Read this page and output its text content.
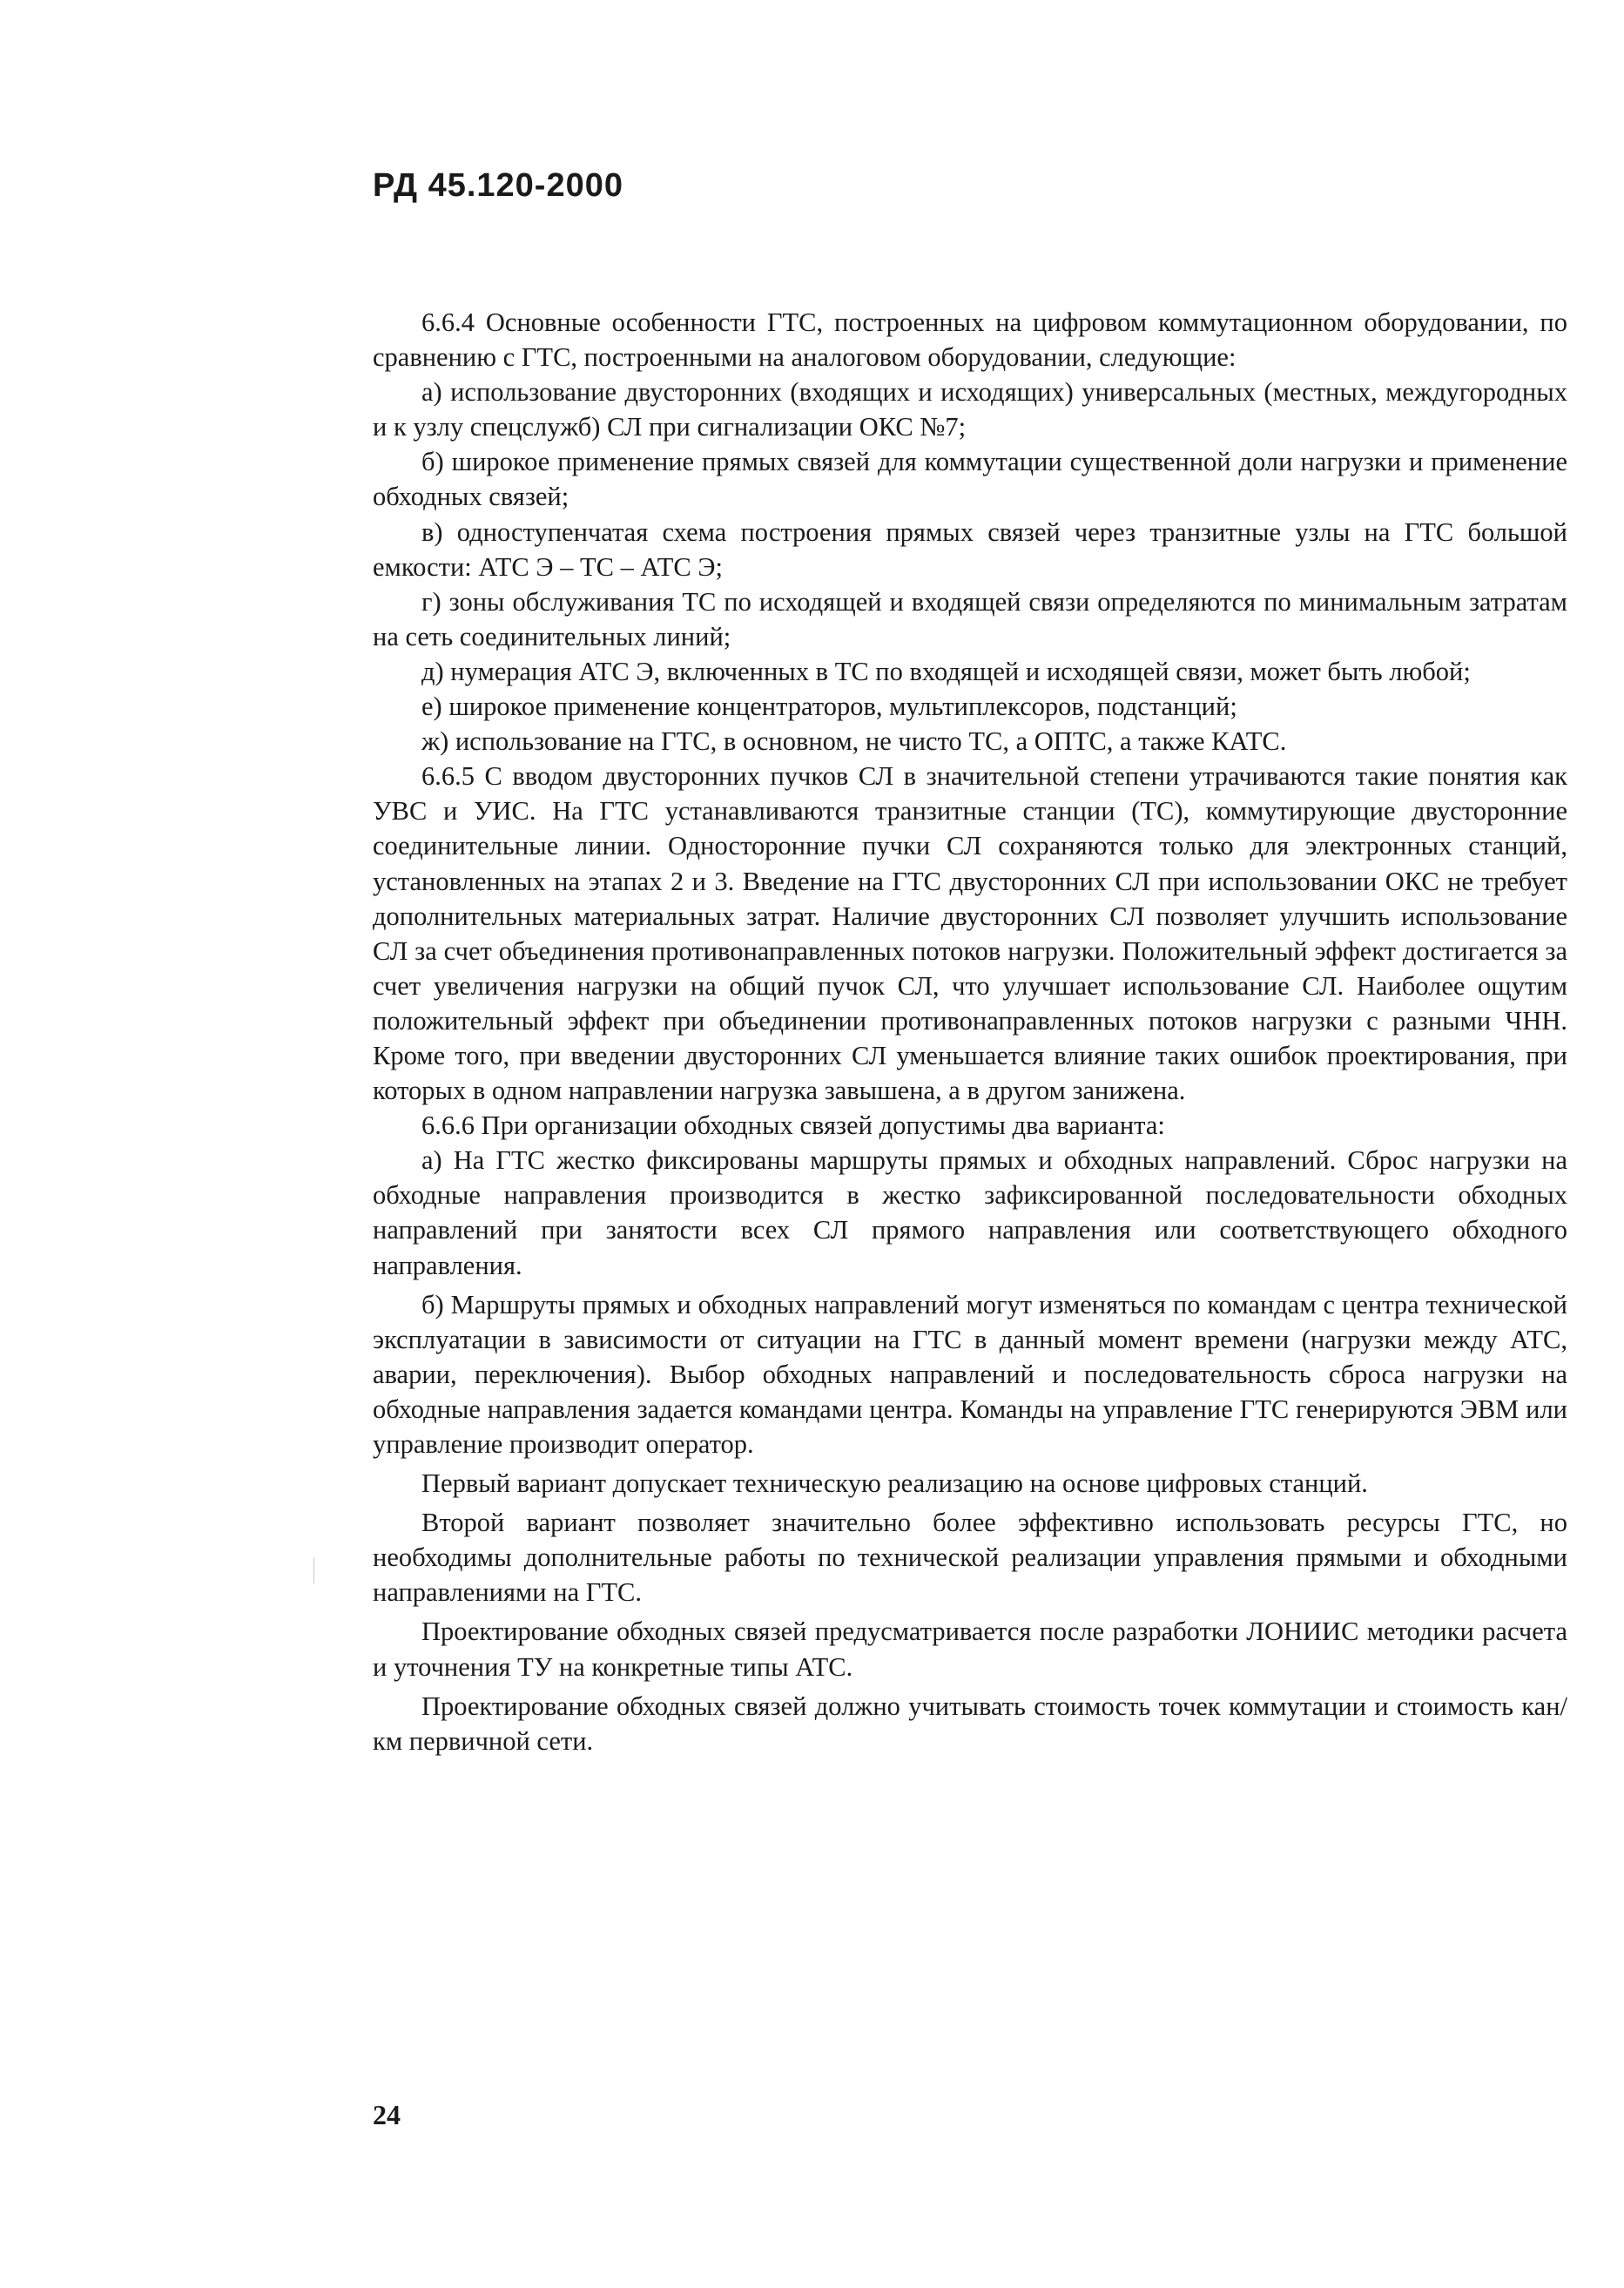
РД 45.120-2000

6.6.4 Основные особенности ГТС, построенных на цифровом коммутационном оборудовании, по сравнению с ГТС, построенными на аналоговом оборудовании, следующие:

а) использование двусторонних (входящих и исходящих) универсальных (местных, междугородных и к узлу спецслужб) СЛ при сигнализации ОКС №7;

б) широкое применение прямых связей для коммутации существенной доли нагрузки и применение обходных связей;

в) одноступенчатая схема построения прямых связей через транзитные узлы на ГТС большой емкости: АТС Э – ТС – АТС Э;

г) зоны обслуживания ТС по исходящей и входящей связи определяются по минимальным затратам на сеть соединительных линий;

д) нумерация АТС Э, включенных в ТС по входящей и исходящей связи, может быть любой;

е) широкое применение концентраторов, мультиплексоров, подстанций;

ж) использование на ГТС, в основном, не чисто ТС, а ОПТС, а также КАТС.

6.6.5 С вводом двусторонних пучков СЛ в значительной степени утрачиваются такие понятия как УВС и УИС. На ГТС устанавливаются транзитные станции (ТС), коммутирующие двусторонние соединительные линии. Односторонние пучки СЛ сохраняются только для электронных станций, установленных на этапах 2 и 3. Введение на ГТС двусторонних СЛ при использовании ОКС не требует дополнительных материальных затрат. Наличие двусторонних СЛ позволяет улучшить использование СЛ за счет объединения противонаправленных потоков нагрузки. Положительный эффект достигается за счет увеличения нагрузки на общий пучок СЛ, что улучшает использование СЛ. Наиболее ощутим положительный эффект при объединении противонаправленных потоков нагрузки с разными ЧНН. Кроме того, при введении двусторонних СЛ уменьшается влияние таких ошибок проектирования, при которых в одном направлении нагрузка завышена, а в другом занижена.

6.6.6 При организации обходных связей допустимы два варианта:

а) На ГТС жестко фиксированы маршруты прямых и обходных направлений. Сброс нагрузки на обходные направления производится в жестко зафиксированной последовательности обходных направлений при занятости всех СЛ прямого направления или соответствующего обходного направления.

б) Маршруты прямых и обходных направлений могут изменяться по командам с центра технической эксплуатации в зависимости от ситуации на ГТС в данный момент времени (нагрузки между АТС, аварии, переключения). Выбор обходных направлений и последовательность сброса нагрузки на обходные направления задается командами центра. Команды на управление ГТС генерируются ЭВМ или управление производит оператор.

Первый вариант допускает техническую реализацию на основе цифровых станций.

Второй вариант позволяет значительно более эффективно использовать ресурсы ГТС, но необходимы дополнительные работы по технической реализации управления прямыми и обходными направлениями на ГТС.

Проектирование обходных связей предусматривается после разработки ЛОНИИС методики расчета и уточнения ТУ на конкретные типы АТС.

Проектирование обходных связей должно учитывать стоимость точек коммутации и стоимость кан/км первичной сети.

24
